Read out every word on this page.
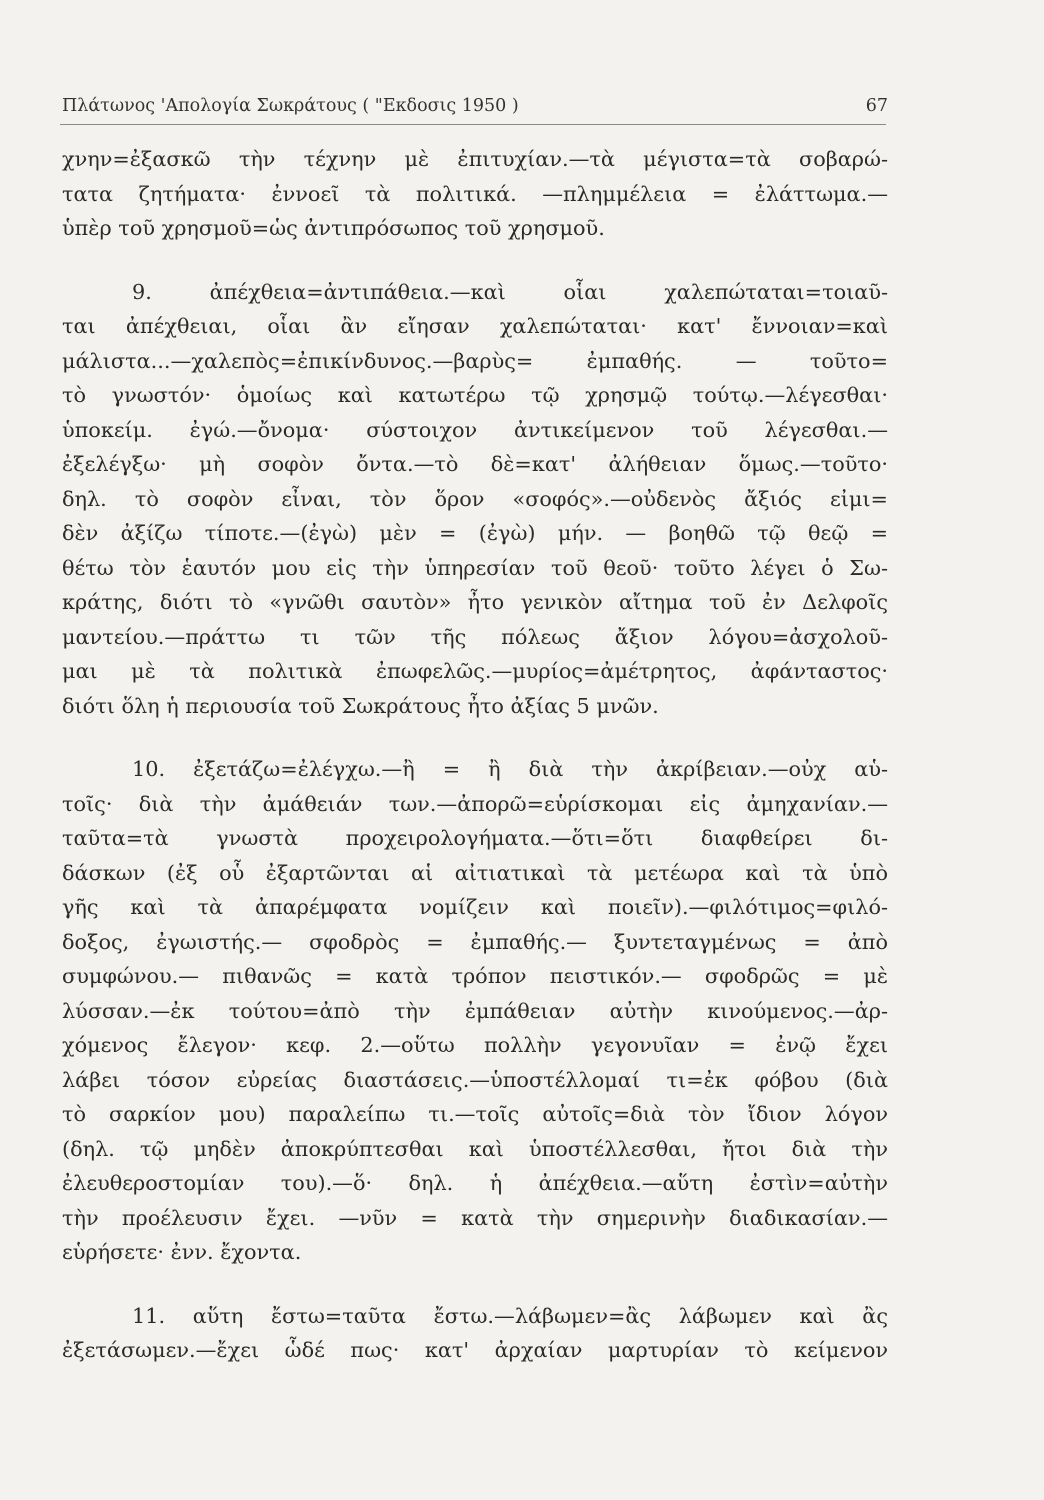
Πλάτωνος 'Απολογία Σωκράτους ( "Εκδοσις 1950 )	67
χνην=ἐξασκῶ τὴν τέχνην μὲ ἐπιτυχίαν.—τὰ μέγιστα=τὰ σοβαρώ-
τατα ζητήματα· ἐννοεῖ τὰ πολιτικά. —πλημμέλεια = ἐλάττωμα.—
ὑπὲρ τοῦ χρησμοῦ=ὡς ἀντιπρόσωπος τοῦ χρησμοῦ.
9. ἀπέχθεια=ἀντιπάθεια.—καὶ οἷαι χαλεπώταται=τοιαῦ-
ται ἀπέχθειαι, οἷαι ἂν εἴησαν χαλεπώταται· κατ' ἔννοιαν=καὶ
μάλιστα...—χαλεπὸς=ἐπικίνδυνος.—βαρὺς= ἐμπαθής. — τοῦτο=
τὸ γνωστόν· ὁμοίως καὶ κατωτέρω τῷ χρησμῷ τούτῳ.—λέγεσθαι·
ὑποκείμ. ἐγώ.—ὄνομα· σύστοιχον ἀντικείμενον τοῦ λέγεσθαι.—
ἐξελέγξω· μὴ σοφὸν ὄντα.—τὸ δὲ=κατ' ἀλήθειαν ὅμως.—τοῦτο·
δηλ. τὸ σοφὸν εἶναι, τὸν ὅρον «σοφός».—οὐδενὸς ἄξιός εἰμι=
δὲν ἀξίζω τίποτε.—(ἐγὼ) μὲν = (ἐγὼ) μήν. — βοηθῶ τῷ θεῷ =
θέτω τὸν ἑαυτόν μου εἰς τὴν ὑπηρεσίαν τοῦ θεοῦ· τοῦτο λέγει ὁ Σω-
κράτης, διότι τὸ «γνῶθι σαυτὸν» ἦτο γενικὸν αἴτημα τοῦ ἐν Δελφοῖς
μαντείου.—πράττω τι τῶν τῆς πόλεως ἄξιον λόγου=ἀσχολοῦ-
μαι μὲ τὰ πολιτικὰ ἐπωφελῶς.—μυρίος=ἀμέτρητος, ἀφάνταστος·
διότι ὅλη ἡ περιουσία τοῦ Σωκράτους ἦτο ἀξίας 5 μνῶν.
10. ἐξετάζω=ἐλέγχω.—ἢ = ἢ διὰ τὴν ἀκρίβειαν.—οὐχ αὑ-
τοῖς· διὰ τὴν ἀμάθειάν των.—ἀπορῶ=εὑρίσκομαι εἰς ἀμηχανίαν.—
ταῦτα=τὰ γνωστὰ προχειρολογήματα.—ὅτι=ὅτι διαφθείρει δι-
δάσκων (ἐξ οὗ ἐξαρτῶνται αἱ αἰτιατικαὶ τὰ μετέωρα καὶ τὰ ὑπὸ
γῆς καὶ τὰ ἀπαρέμφατα νομίζειν καὶ ποιεῖν).—φιλότιμος=φιλό-
δοξος, ἐγωιστής.— σφοδρὸς = ἐμπαθής.— ξυντεταγμένως = ἀπὸ
συμφώνου.— πιθανῶς = κατὰ τρόπον πειστικόν.— σφοδρῶς = μὲ
λύσσαν.—ἐκ τούτου=ἀπὸ τὴν ἐμπάθειαν αὐτὴν κινούμενος.—ἀρ-
χόμενος ἔλεγον· κεφ. 2.—οὕτω πολλὴν γεγονυῖαν = ἐνῷ ἔχει
λάβει τόσον εὐρείας διαστάσεις.—ὑποστέλλομαί τι=ἐκ φόβου (διὰ
τὸ σαρκίον μου) παραλείπω τι.—τοῖς αὐτοῖς=διὰ τὸν ἴδιον λόγον
(δηλ. τῷ μηδὲν ἀποκρύπτεσθαι καὶ ὑποστέλλεσθαι, ἤτοι διὰ τὴν
ἐλευθεροστομίαν του).—ὅ· δηλ. ἡ ἀπέχθεια.—αὕτη ἐστὶν=αὐτὴν
τὴν προέλευσιν ἔχει. —νῦν = κατὰ τὴν σημερινὴν διαδικασίαν.—
εὑρήσετε· ἐνν. ἔχοντα.
11. αὕτη ἔστω=ταῦτα ἔστω.—λάβωμεν=ἂς λάβωμεν καὶ ἂς
ἐξετάσωμεν.—ἔχει ὧδέ πως· κατ' ἀρχαίαν μαρτυρίαν τὸ κείμενον
